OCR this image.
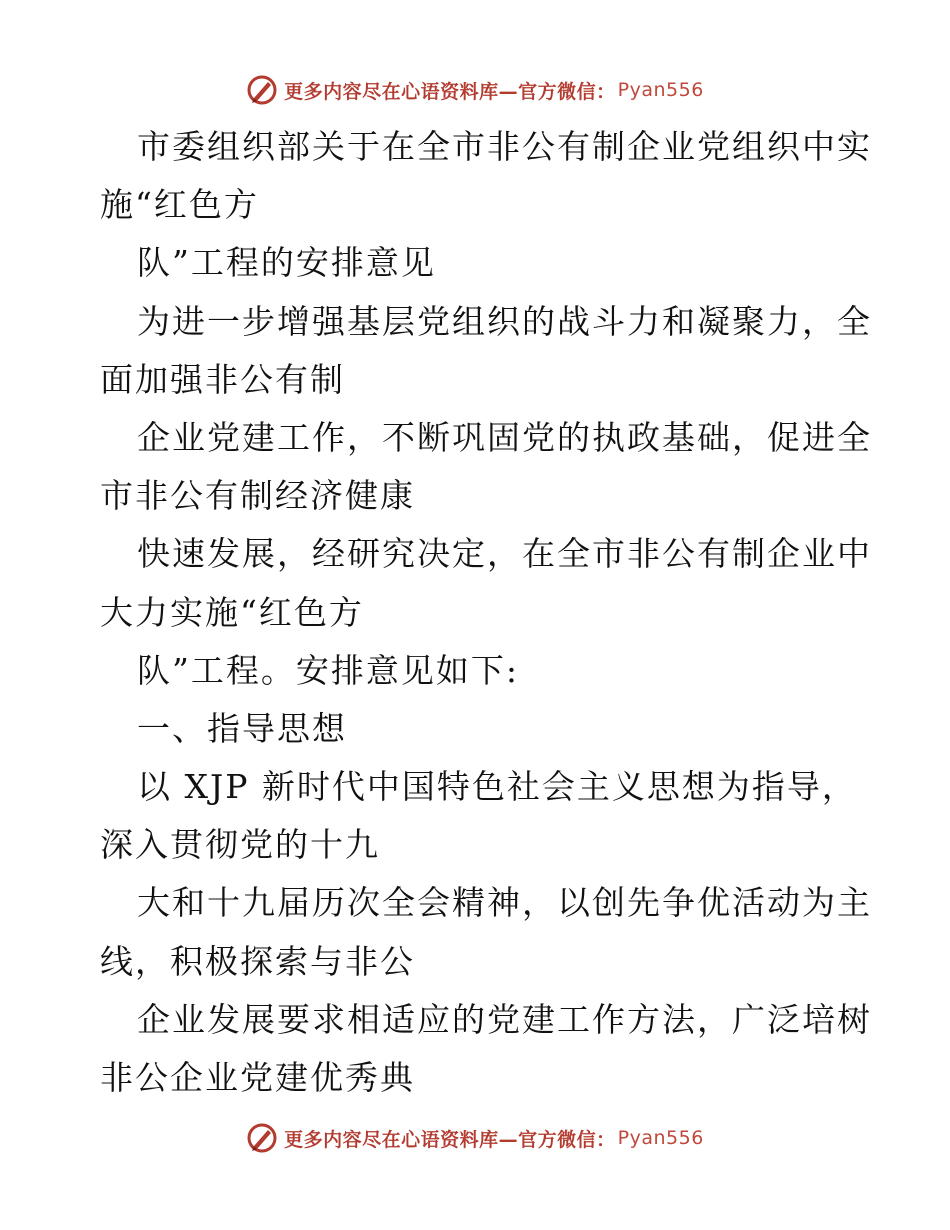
更多内容尽在心语资料库—官方微信： Pyan556
市委组织部关于在全市非公有制企业党组织中实
施“红色方
队”工程的安排意见
为进一步增强基层党组织的战斗力和凝聚力，全
面加强非公有制
企业党建工作，不断巩固党的执政基础，促进全
市非公有制经济健康
快速发展，经研究决定，在全市非公有制企业中
大力实施“红色方
队”工程。安排意见如下:
一、指导思想
以 XJP 新时代中国特色社会主义思想为指导，
深入贯彻党的十九
大和十九届历次全会精神，以创先争优活动为主
线，积极探索与非公
企业发展要求相适应的党建工作方法，广泛培树
非公企业党建优秀典
更多内容尽在心语资料库—官方微信： Pyan556
